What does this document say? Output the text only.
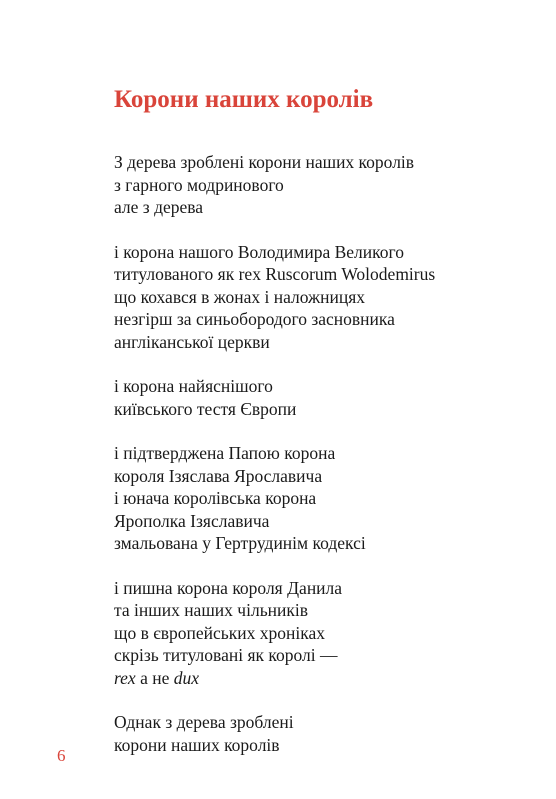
Корони наших королів
З дерева зроблені корони наших королів
з гарного модринового
але з дерева
і корона нашого Володимира Великого
титулованого як rex Ruscorum Wolodemirus
що кохався в жонах і наложницях
незгірш за синьобородого засновника
англіканської церкви
і корона найяснішого
київського тестя Європи
і підтверджена Папою корона
короля Ізяслава Ярославича
і юнача королівська корона
Ярополка Ізяславича
змальована у Гертрудинім кодексі
і пишна корона короля Данила
та інших наших чільників
що в європейських хроніках
скрізь титуловані як королі —
rex а не dux
Однак з дерева зроблені
корони наших королів
6
